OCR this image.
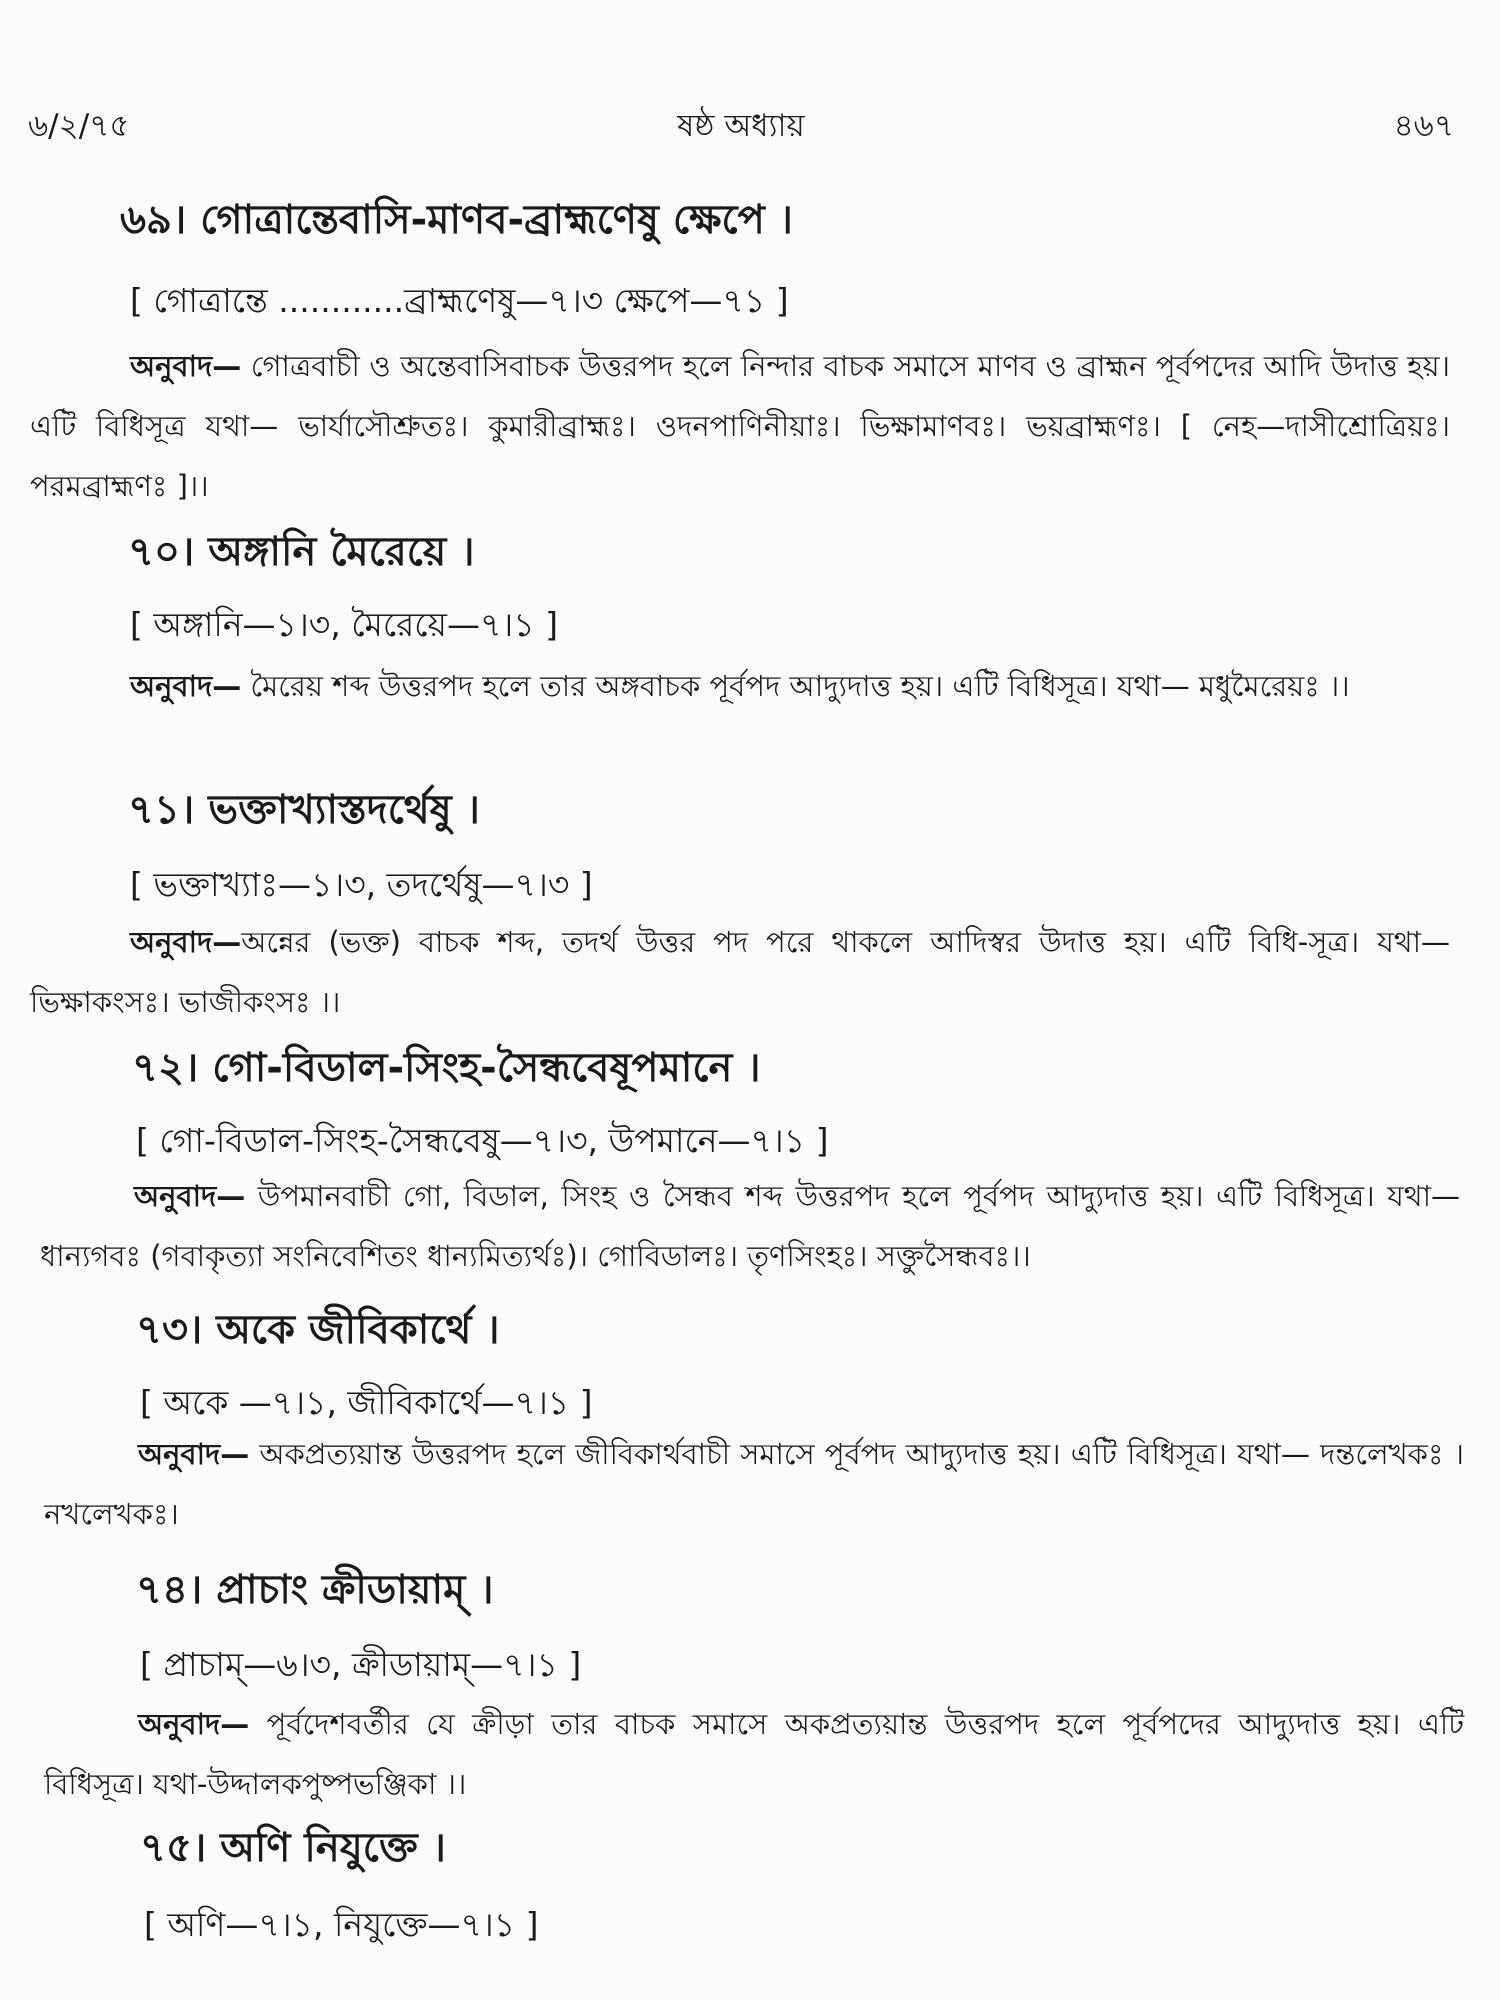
৬/২/৭৫	ষষ্ঠ অধ্যায়	৪৬৭
৬৯। গোত্রান্তেবাসি-মাণব-ব্রাহ্মণেষু ক্ষেপে ।
[ গোত্রান্তে ............ব্রাহ্মণেষু—৭।৩ ক্ষেপে—৭১ ]
অনুবাদ— গোত্রবাচী ও অন্তেবাসিবাচক উত্তরপদ হলে নিন্দার বাচক সমাসে মাণব ও ব্রাহ্মন পূর্বপদের আদি উদাত্ত হয়। এটি বিধিসূত্র যথা— ভার্যাসৌশ্রুতঃ। কুমারীব্রাহ্মঃ। ওদনপাণিনীয়াঃ। ভিক্ষামাণবঃ। ভয়ব্রাহ্মণঃ। [ নেহ—দাসীশ্রোত্রিয়ঃ। পরমব্রাহ্মণঃ ]।।
৭০। অঙ্গানি মৈরেয়ে ।
[ অঙ্গানি—১।৩, মৈরেয়ে—৭।১ ]
অনুবাদ— মৈরেয় শব্দ উত্তরপদ হলে তার অঙ্গবাচক পূর্বপদ আদ্যুদাত্ত হয়। এটি বিধিসূত্র। যথা— মধুমৈরেয়ঃ ।।
৭১। ভক্তাখ্যাস্তদর্থেষু ।
[ ভক্তাখ্যাঃ—১।৩, তদর্থেষু—৭।৩ ]
অনুবাদ—অন্নের (ভক্ত) বাচক শব্দ, তদর্থ উত্তর পদ পরে থাকলে আদিস্বর উদাত্ত হয়। এটি বিধি-সূত্র। যথা—ভিক্ষাকংসঃ। ভাজীকংসঃ ।।
৭২। গো-বিডাল-সিংহ-সৈন্ধবেষূপমানে ।
[ গো-বিডাল-সিংহ-সৈন্ধবেষু—৭।৩, উপমানে—৭।১ ]
অনুবাদ— উপমানবাচী গো, বিডাল, সিংহ ও সৈন্ধব শব্দ উত্তরপদ হলে পূর্বপদ আদ্যুদাত্ত হয়। এটি বিধিসূত্র। যথা—ধান্যগবঃ (গবাকৃত্যা সংনিবেশিতং ধান্যমিত্যর্থঃ)। গোবিডালঃ। তৃণসিংহঃ। সক্তুসৈন্ধবঃ।।
৭৩। অকে জীবিকার্থে ।
[ অকে —৭।১, জীবিকার্থে—৭।১ ]
অনুবাদ— অকপ্রত্যয়ান্ত উত্তরপদ হলে জীবিকার্থবাচী সমাসে পূর্বপদ আদ্যুদাত্ত হয়। এটি বিধিসূত্র। যথা— দন্তলেখকঃ । নখলেখকঃ।
৭৪। প্রাচাং ক্রীডায়াম্ ।
[ প্রাচাম্—৬।৩, ক্রীডায়াম্—৭।১ ]
অনুবাদ— পূর্বদেশবর্তীর যে ক্রীড়া তার বাচক সমাসে অকপ্রত্যয়ান্ত উত্তরপদ হলে পূর্বপদের আদ্যুদাত্ত হয়। এটি বিধিসূত্র। যথা-উদ্দালকপুষ্পভঞ্জিকা ।।
৭৫। অণি নিযুক্তে ।
[ অণি—৭।১, নিযুক্তে—৭।১ ]
